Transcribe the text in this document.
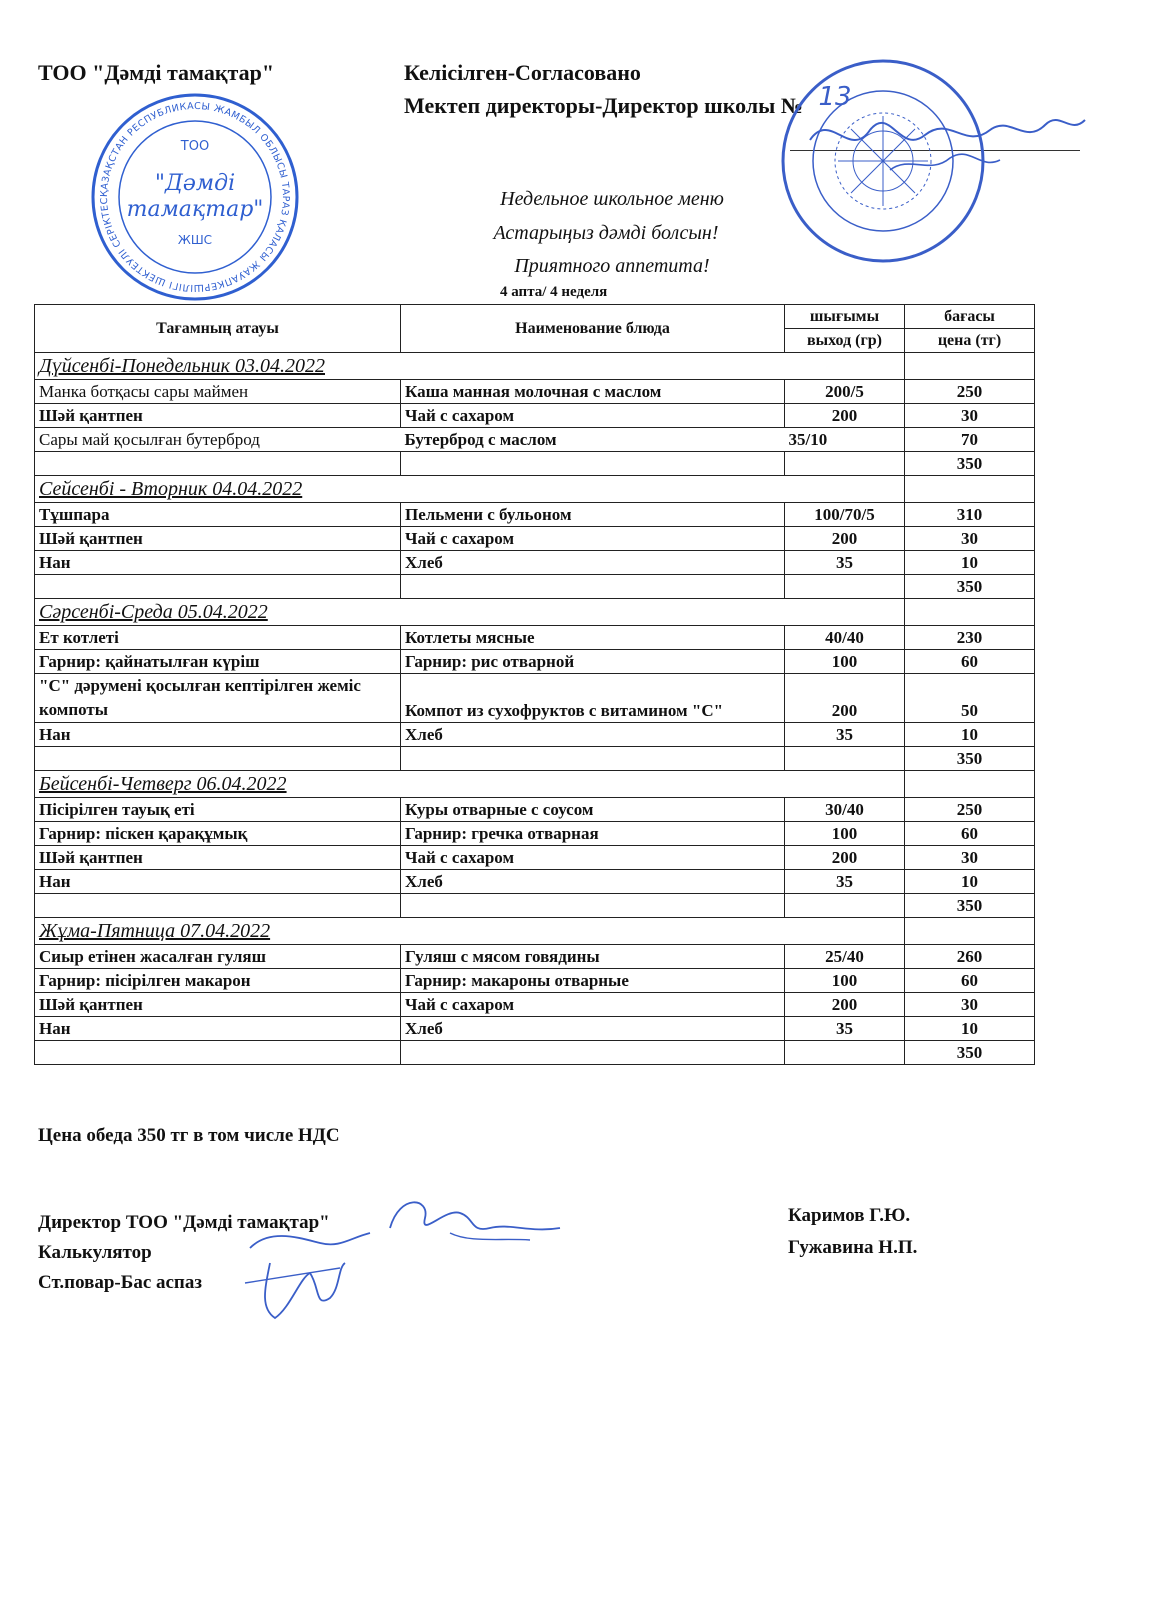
ТОО "Дәмді тамақтар"	Келісілген-Согласовано
Мектеп директоры-Директор школы № 13
Недельное школьное меню
Астарыңыз дәмді болсын!
Приятного аппетита!
4 апта/ 4 неделя
ҚАЗАҚСТАН РЕСПУБЛИКАСЫ ЖАМБЫЛ ОБЛЫСЫ ТАРАЗ ҚАЛАСЫ ЖАУАПКЕРШІЛІГІ ШЕКТЕУЛІ СЕРІКТЕС
ТОО
"Дәмді
тамақтар"
ЖШС
Тағамның атауы	Наименование блюда	шығымы	бағасы
		выход (гр)	цена (тг)
Дүйсенбі-Понедельник 03.04.2022			
Манка ботқасы сары маймен	Каша манная молочная с маслом	200/5	250
Шәй қантпен	Чай с сахаром	200	30
Сары май қосылған бутерброд	Бутерброд с маслом	35/10	70
			350
Сейсенбі - Вторник 04.04.2022			
Тұшпара	Пельмени с бульоном	100/70/5	310
Шәй қантпен	Чай с сахаром	200	30
Нан	Хлеб	35	10
			350
Сәрсенбі-Среда 05.04.2022			
Ет котлеті	Котлеты мясные	40/40	230
Гарнир: қайнатылған күріш	Гарнир: рис отварной	100	60
"С" дәрумені қосылған кептірілген жеміс компоты	Компот из сухофруктов с витамином "С"	200	50
Нан	Хлеб	35	10
			350
Бейсенбі-Четверг 06.04.2022			
Пісірілген тауық еті	Куры отварные с соусом	30/40	250
Гарнир: піскен қарақұмық	Гарнир: гречка отварная	100	60
Шәй қантпен	Чай с сахаром	200	30
Нан	Хлеб	35	10
			350
Жұма-Пятница 07.04.2022			
Сиыр етінен жасалған гуляш	Гуляш с мясом говядины	25/40	260
Гарнир: пісірілген макарон	Гарнир: макароны отварные	100	60
Шәй қантпен	Чай с сахаром	200	30
Нан	Хлеб	35	10
			350
Цена обеда 350 тг в том числе НДС
Директор ТОО "Дәмді тамақтар"
Калькулятор
Ст.повар-Бас аспаз
Каримов Г.Ю.
Гужавина Н.П.
